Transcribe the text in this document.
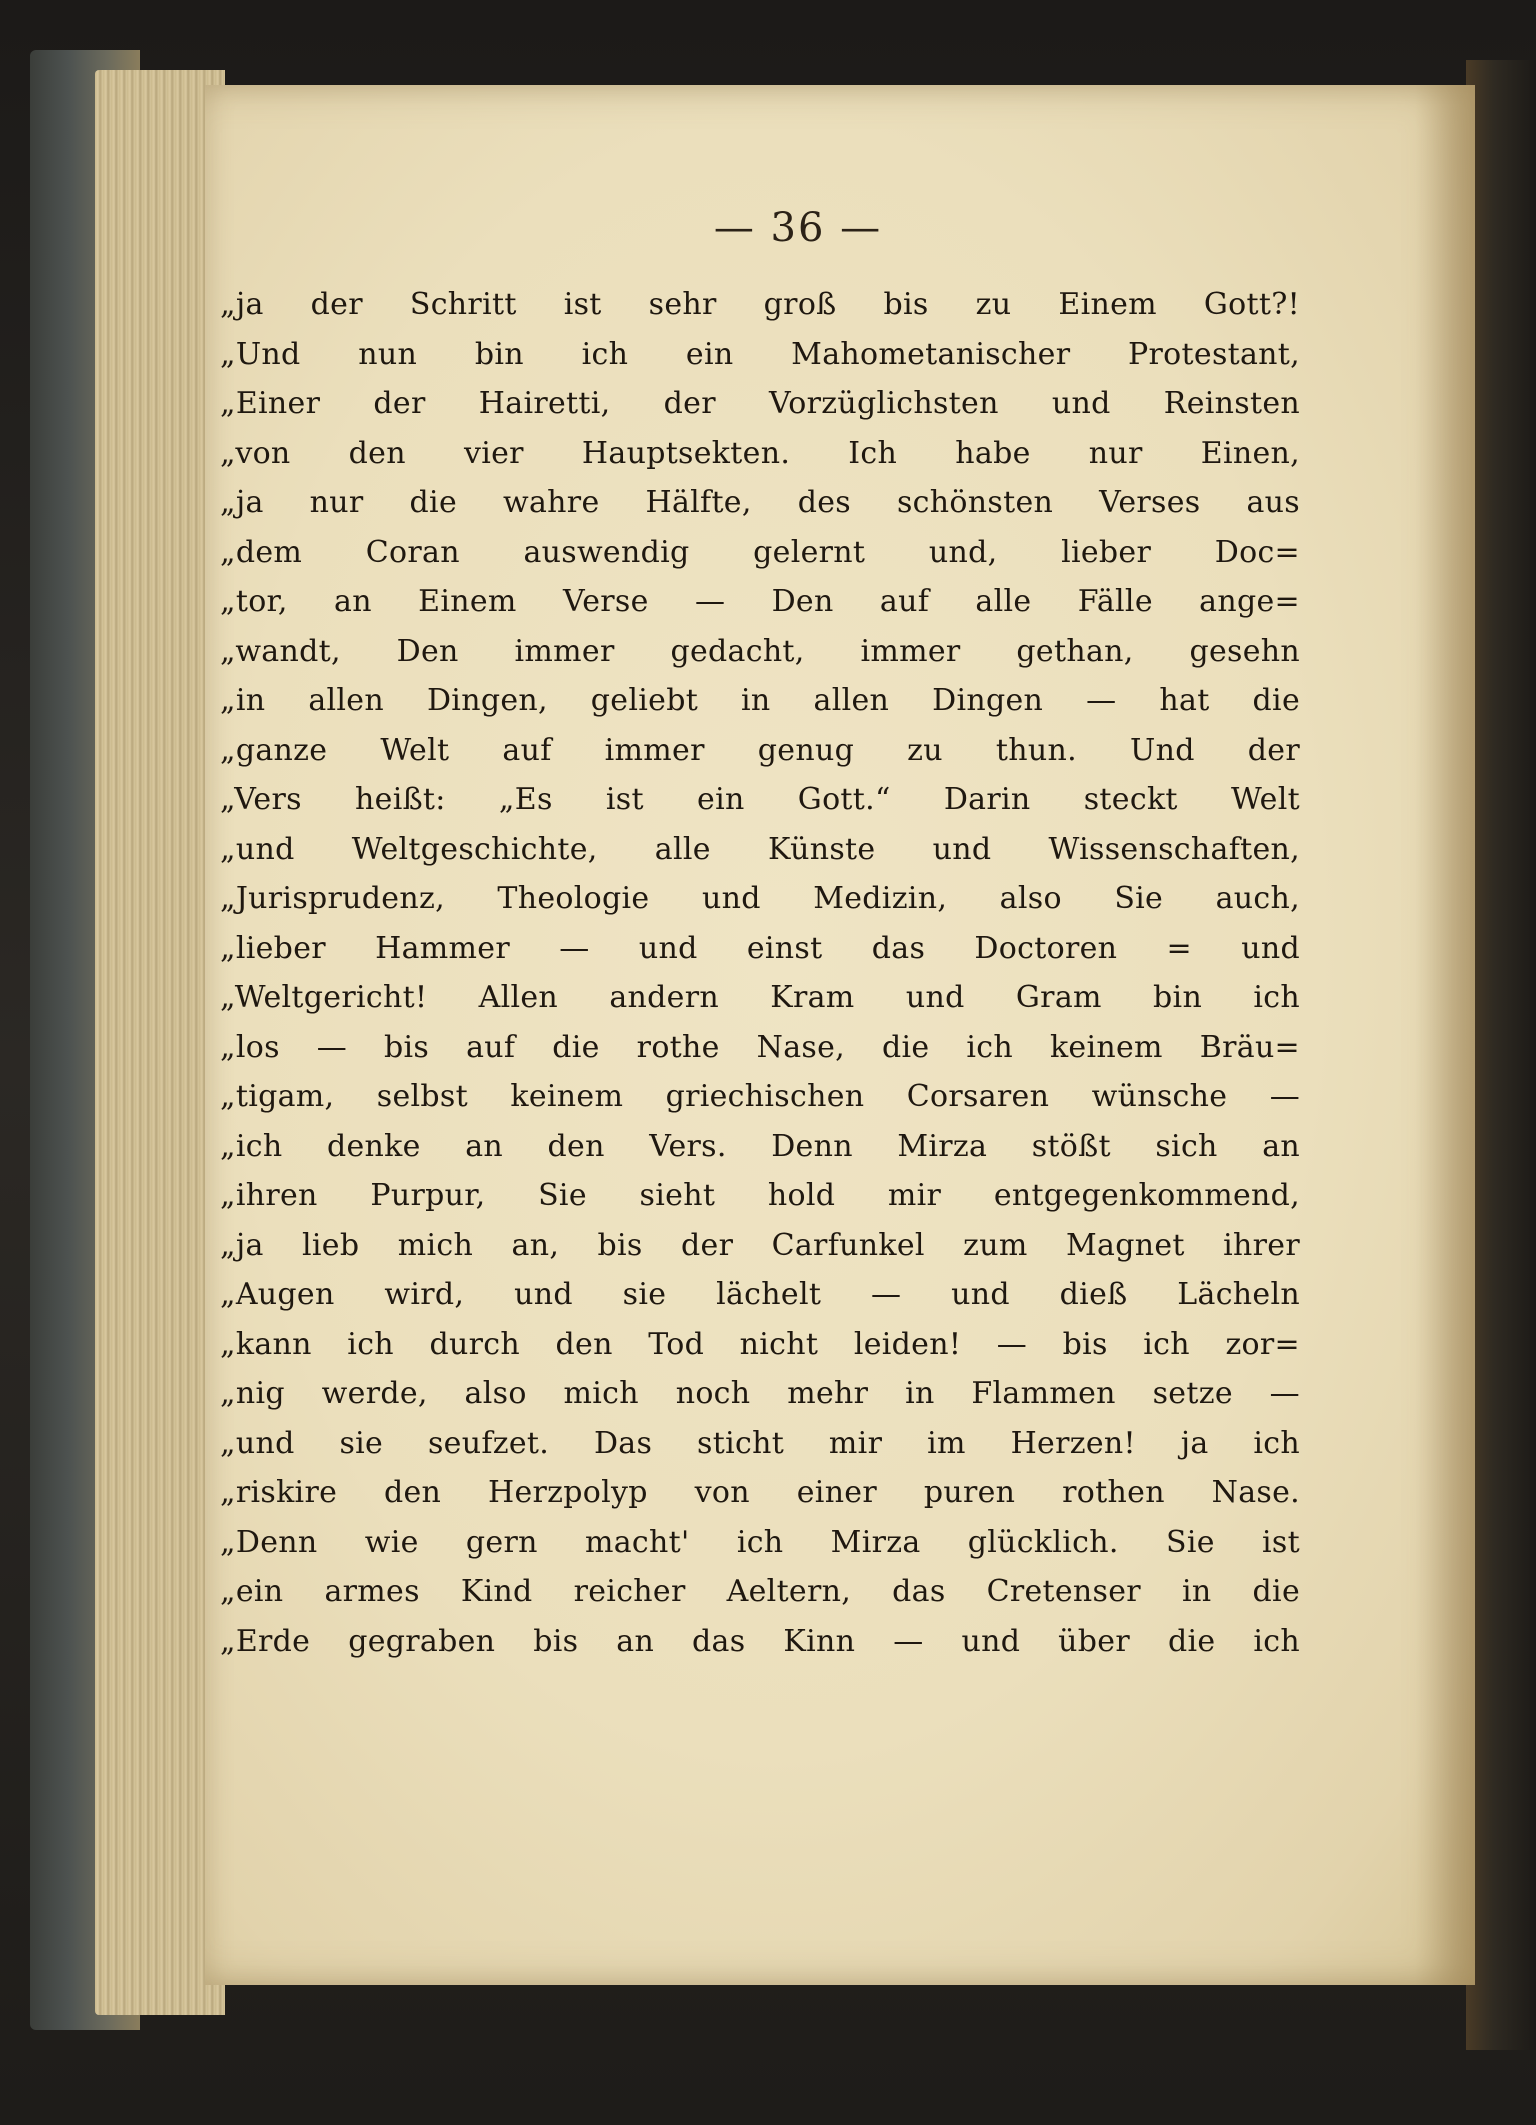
— 36 —
„ja der Schritt ist sehr groß bis zu Einem Gott?!
„Und nun bin ich ein Mahometanischer Protestant,
„Einer der Hairetti, der Vorzüglichsten und Reinsten
„von den vier Hauptsekten. Ich habe nur Einen,
„ja nur die wahre Hälfte, des schönsten Verses aus
„dem Coran auswendig gelernt und, lieber Doc=
„tor, an Einem Verse — Den auf alle Fälle ange=
„wandt, Den immer gedacht, immer gethan, gesehn
„in allen Dingen, geliebt in allen Dingen — hat die
„ganze Welt auf immer genug zu thun. Und der
„Vers heißt: „Es ist ein Gott.“ Darin steckt Welt
„und Weltgeschichte, alle Künste und Wissenschaften,
„Jurisprudenz, Theologie und Medizin, also Sie auch,
„lieber Hammer — und einst das Doctoren = und
„Weltgericht! Allen andern Kram und Gram bin ich
„los — bis auf die rothe Nase, die ich keinem Bräu=
„tigam, selbst keinem griechischen Corsaren wünsche —
„ich denke an den Vers. Denn Mirza stößt sich an
„ihren Purpur, Sie sieht hold mir entgegenkommend,
„ja lieb mich an, bis der Carfunkel zum Magnet ihrer
„Augen wird, und sie lächelt — und dieß Lächeln
„kann ich durch den Tod nicht leiden! — bis ich zor=
„nig werde, also mich noch mehr in Flammen setze —
„und sie seufzet. Das sticht mir im Herzen! ja ich
„riskire den Herzpolyp von einer puren rothen Nase.
„Denn wie gern macht' ich Mirza glücklich. Sie ist
„ein armes Kind reicher Aeltern, das Cretenser in die
„Erde gegraben bis an das Kinn — und über die ich
